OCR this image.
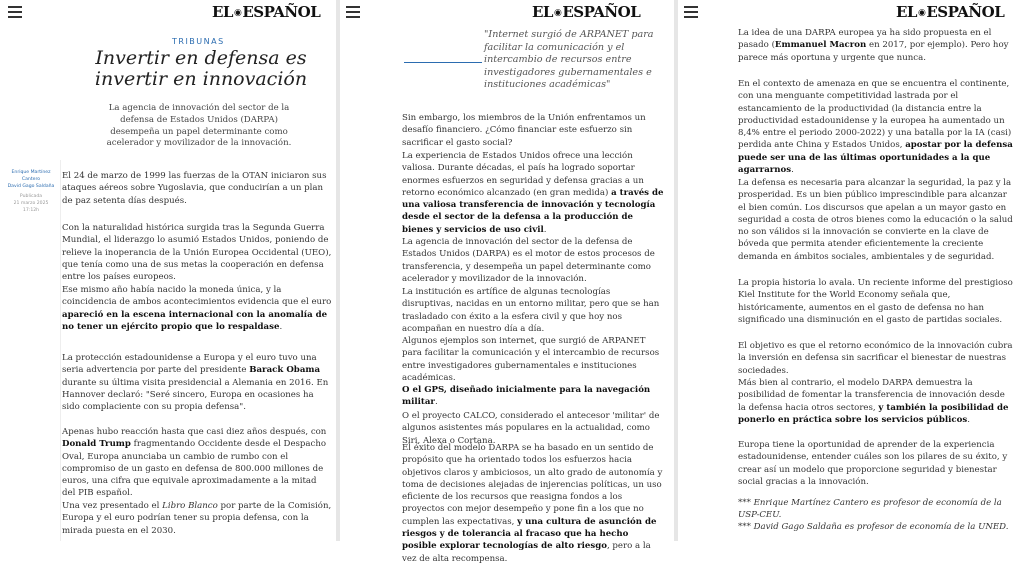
EL◉ESPAÑOL
TRIBUNAS
Invertir en defensa es invertir en innovación

La agencia de innovación del sector de la defensa de Estados Unidos (DARPA) desempeña un papel determinante como acelerador y movilizador de la innovación.

Enrique Martínez Cantero
David Gago Saldaña
Publicada
21 marzo 2025
17:12h

El 24 de marzo de 1999 las fuerzas de la OTAN iniciaron sus ataques aéreos sobre Yugoslavia, que conducirían a un plan de paz setenta días después.

Con la naturalidad histórica surgida tras la Segunda Guerra Mundial, el liderazgo lo asumió Estados Unidos, poniendo de relieve la inoperancia de la Unión Europea Occidental (UEO), que tenía como una de sus metas la cooperación en defensa entre los países europeos.

Ese mismo año había nacido la moneda única, y la coincidencia de ambos acontecimientos evidencia que el euro apareció en la escena internacional con la anomalía de no tener un ejército propio que lo respaldase.

La protección estadounidense a Europa y el euro tuvo una seria advertencia por parte del presidente Barack Obama durante su última visita presidencial a Alemania en 2016. En Hannover declaró: "Seré sincero, Europa en ocasiones ha sido complaciente con su propia defensa".

Apenas hubo reacción hasta que casi diez años después, con Donald Trump fragmentando Occidente desde el Despacho Oval, Europa anunciaba un cambio de rumbo con el compromiso de un gasto en defensa de 800.000 millones de euros, una cifra que equivale aproximadamente a la mitad del PIB español.

Una vez presentado el Libro Blanco por parte de la Comisión, Europa y el euro podrían tener su propia defensa, con la mirada puesta en el 2030.

EL◉ESPAÑOL

Sin embargo, los miembros de la Unión enfrentamos un desafío financiero. ¿Cómo financiar este esfuerzo sin sacrificar el gasto social?

La experiencia de Estados Unidos ofrece una lección valiosa. Durante décadas, el país ha logrado soportar enormes esfuerzos en seguridad y defensa gracias a un retorno económico alcanzado (en gran medida) a través de una valiosa transferencia de innovación y tecnología desde el sector de la defensa a la producción de bienes y servicios de uso civil.

La agencia de innovación del sector de la defensa de Estados Unidos (DARPA) es el motor de estos procesos de transferencia, y desempeña un papel determinante como acelerador y movilizador de la innovación.

La institución es artífice de algunas tecnologías disruptivas, nacidas en un entorno militar, pero que se han trasladado con éxito a la esfera civil y que hoy nos acompañan en nuestro día a día.

Algunos ejemplos son internet, que surgió de ARPANET para facilitar la comunicación y el intercambio de recursos entre investigadores gubernamentales e instituciones académicas.

O el GPS, diseñado inicialmente para la navegación militar.

O el proyecto CALCO, considerado el antecesor 'militar' de algunos asistentes más populares en la actualidad, como Siri, Alexa o Cortana.

El éxito del modelo DARPA se ha basado en un sentido de propósito que ha orientado todos los esfuerzos hacia objetivos claros y ambiciosos, un alto grado de autonomía y toma de decisiones alejadas de injerencias políticas, un uso eficiente de los recursos que reasigna fondos a los proyectos con mejor desempeño y pone fin a los que no cumplen las expectativas, y una cultura de asunción de riesgos y de tolerancia al fracaso que ha hecho posible explorar tecnologías de alto riesgo, pero a la vez de alta recompensa.

"Internet surgió de ARPANET para facilitar la comunicación y el intercambio de recursos entre investigadores gubernamentales e instituciones académicas"

EL◉ESPAÑOL

La idea de una DARPA europea ya ha sido propuesta en el pasado (Emmanuel Macron en 2017, por ejemplo). Pero hoy parece más oportuna y urgente que nunca.

En el contexto de amenaza en que se encuentra el continente, con una menguante competitividad lastrada por el estancamiento de la productividad (la distancia entre la productividad estadounidense y la europea ha aumentado un 8,4% entre el periodo 2000-2022) y una batalla por la IA (casi) perdida ante China y Estados Unidos, apostar por la defensa puede ser una de las últimas oportunidades a la que agarrarnos.

La defensa es necesaria para alcanzar la seguridad, la paz y la prosperidad. Es un bien público imprescindible para alcanzar el bien común. Los discursos que apelan a un mayor gasto en seguridad a costa de otros bienes como la educación o la salud no son válidos si la innovación se convierte en la clave de bóveda que permita atender eficientemente la creciente demanda en ámbitos sociales, ambientales y de seguridad.

La propia historia lo avala. Un reciente informe del prestigioso Kiel Institute for the World Economy señala que, históricamente, aumentos en el gasto de defensa no han significado una disminución en el gasto de partidas sociales.

El objetivo es que el retorno económico de la innovación cubra la inversión en defensa sin sacrificar el bienestar de nuestras sociedades.

Más bien al contrario, el modelo DARPA demuestra la posibilidad de fomentar la transferencia de innovación desde la defensa hacia otros sectores, y también la posibilidad de ponerlo en práctica sobre los servicios públicos.

Europa tiene la oportunidad de aprender de la experiencia estadounidense, entender cuáles son los pilares de su éxito, y crear así un modelo que proporcione seguridad y bienestar social gracias a la innovación.

*** Enrique Martínez Cantero es profesor de economía de la USP-CEU.

*** David Gago Saldaña es profesor de economía de la UNED.
